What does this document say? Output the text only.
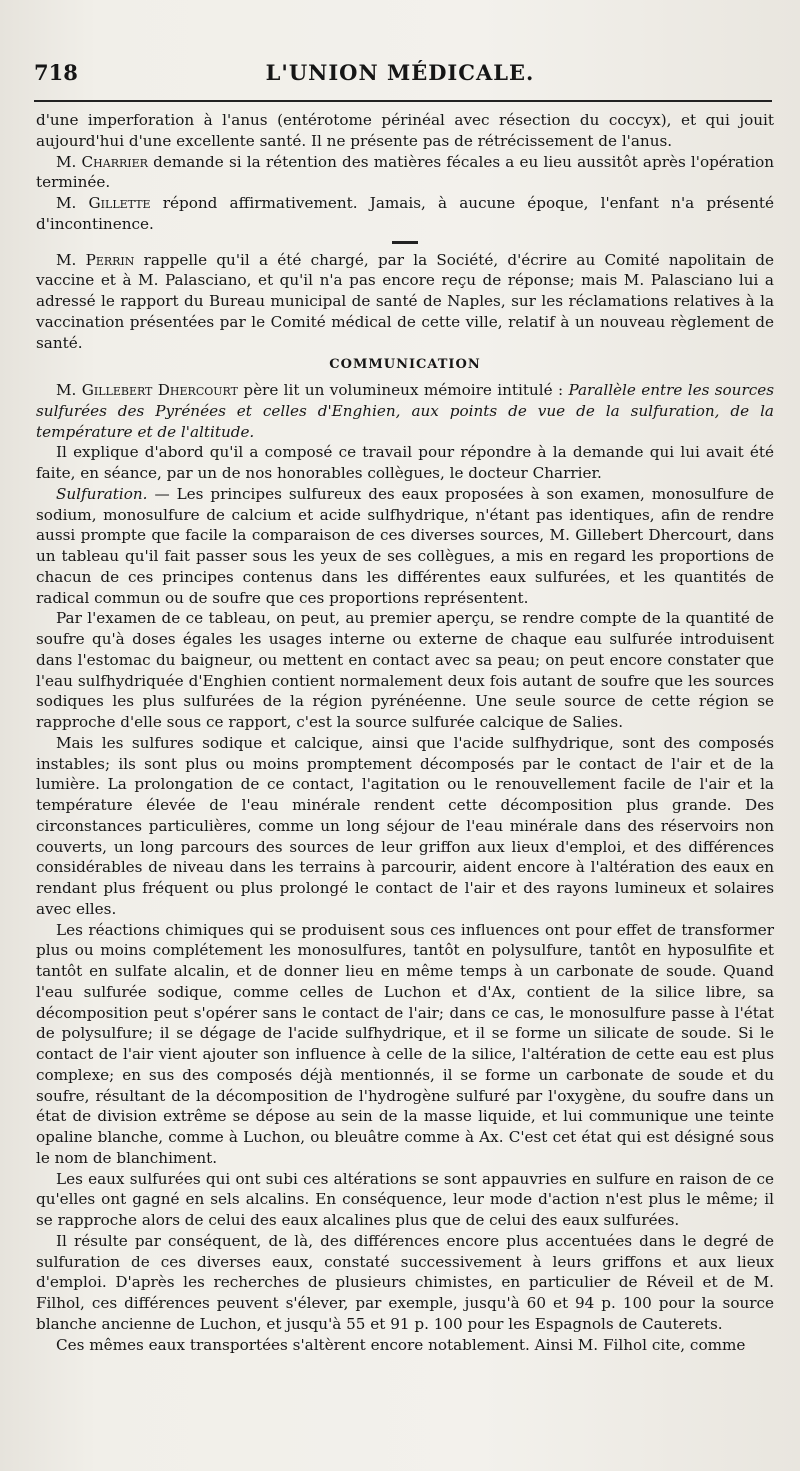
718	L'UNION MÉDICALE.

d'une imperforation à l'anus (entérotome périnéal avec résection du coccyx), et qui jouit aujourd'hui d'une excellente santé. Il ne présente pas de rétrécissement de l'anus.

M. Charrier demande si la rétention des matières fécales a eu lieu aussitôt après l'opération terminée.

M. Gillette répond affirmativement. Jamais, à aucune époque, l'enfant n'a présenté d'incontinence.

M. Perrin rappelle qu'il a été chargé, par la Société, d'écrire au Comité napolitain de vaccine et à M. Palasciano, et qu'il n'a pas encore reçu de réponse; mais M. Palasciano lui a adressé le rapport du Bureau municipal de santé de Naples, sur les réclamations relatives à la vaccination présentées par le Comité médical de cette ville, relatif à un nouveau règlement de santé.

COMMUNICATION

M. Gillebert Dhercourt père lit un volumineux mémoire intitulé : Parallèle entre les sources sulfurées des Pyrénées et celles d'Enghien, aux points de vue de la sulfuration, de la température et de l'altitude.

Il explique d'abord qu'il a composé ce travail pour répondre à la demande qui lui avait été faite, en séance, par un de nos honorables collègues, le docteur Charrier.

Sulfuration. — Les principes sulfureux des eaux proposées à son examen, monosulfure de sodium, monosulfure de calcium et acide sulfhydrique, n'étant pas identiques, afin de rendre aussi prompte que facile la comparaison de ces diverses sources, M. Gillebert Dhercourt, dans un tableau qu'il fait passer sous les yeux de ses collègues, a mis en regard les proportions de chacun de ces principes contenus dans les différentes eaux sulfurées, et les quantités de radical commun ou de soufre que ces proportions représentent.

Par l'examen de ce tableau, on peut, au premier aperçu, se rendre compte de la quantité de soufre qu'à doses égales les usages interne ou externe de chaque eau sulfurée introduisent dans l'estomac du baigneur, ou mettent en contact avec sa peau; on peut encore constater que l'eau sulfhydriquée d'Enghien contient normalement deux fois autant de soufre que les sources sodiques les plus sulfurées de la région pyrénéenne. Une seule source de cette région se rapproche d'elle sous ce rapport, c'est la source sulfurée calcique de Salies.

Mais les sulfures sodique et calcique, ainsi que l'acide sulfhydrique, sont des composés instables; ils sont plus ou moins promptement décomposés par le contact de l'air et de la lumière. La prolongation de ce contact, l'agitation ou le renouvellement facile de l'air et la température élevée de l'eau minérale rendent cette décomposition plus grande. Des circonstances particulières, comme un long séjour de l'eau minérale dans des réservoirs non couverts, un long parcours des sources de leur griffon aux lieux d'emploi, et des différences considérables de niveau dans les terrains à parcourir, aident encore à l'altération des eaux en rendant plus fréquent ou plus prolongé le contact de l'air et des rayons lumineux et solaires avec elles.

Les réactions chimiques qui se produisent sous ces influences ont pour effet de transformer plus ou moins complétement les monosulfures, tantôt en polysulfure, tantôt en hyposulfite et tantôt en sulfate alcalin, et de donner lieu en même temps à un carbonate de soude. Quand l'eau sulfurée sodique, comme celles de Luchon et d'Ax, contient de la silice libre, sa décomposition peut s'opérer sans le contact de l'air; dans ce cas, le monosulfure passe à l'état de polysulfure; il se dégage de l'acide sulfhydrique, et il se forme un silicate de soude. Si le contact de l'air vient ajouter son influence à celle de la silice, l'altération de cette eau est plus complexe; en sus des composés déjà mentionnés, il se forme un carbonate de soude et du soufre, résultant de la décomposition de l'hydrogène sulfuré par l'oxygène, du soufre dans un état de division extrême se dépose au sein de la masse liquide, et lui communique une teinte opaline blanche, comme à Luchon, ou bleuâtre comme à Ax. C'est cet état qui est désigné sous le nom de blanchiment.

Les eaux sulfurées qui ont subi ces altérations se sont appauvries en sulfure en raison de ce qu'elles ont gagné en sels alcalins. En conséquence, leur mode d'action n'est plus le même; il se rapproche alors de celui des eaux alcalines plus que de celui des eaux sulfurées.

Il résulte par conséquent, de là, des différences encore plus accentuées dans le degré de sulfuration de ces diverses eaux, constaté successivement à leurs griffons et aux lieux d'emploi. D'après les recherches de plusieurs chimistes, en particulier de Réveil et de M. Filhol, ces différences peuvent s'élever, par exemple, jusqu'à 60 et 94 p. 100 pour la source blanche ancienne de Luchon, et jusqu'à 55 et 91 p. 100 pour les Espagnols de Cauterets.

Ces mêmes eaux transportées s'altèrent encore notablement. Ainsi M. Filhol cite, comme
